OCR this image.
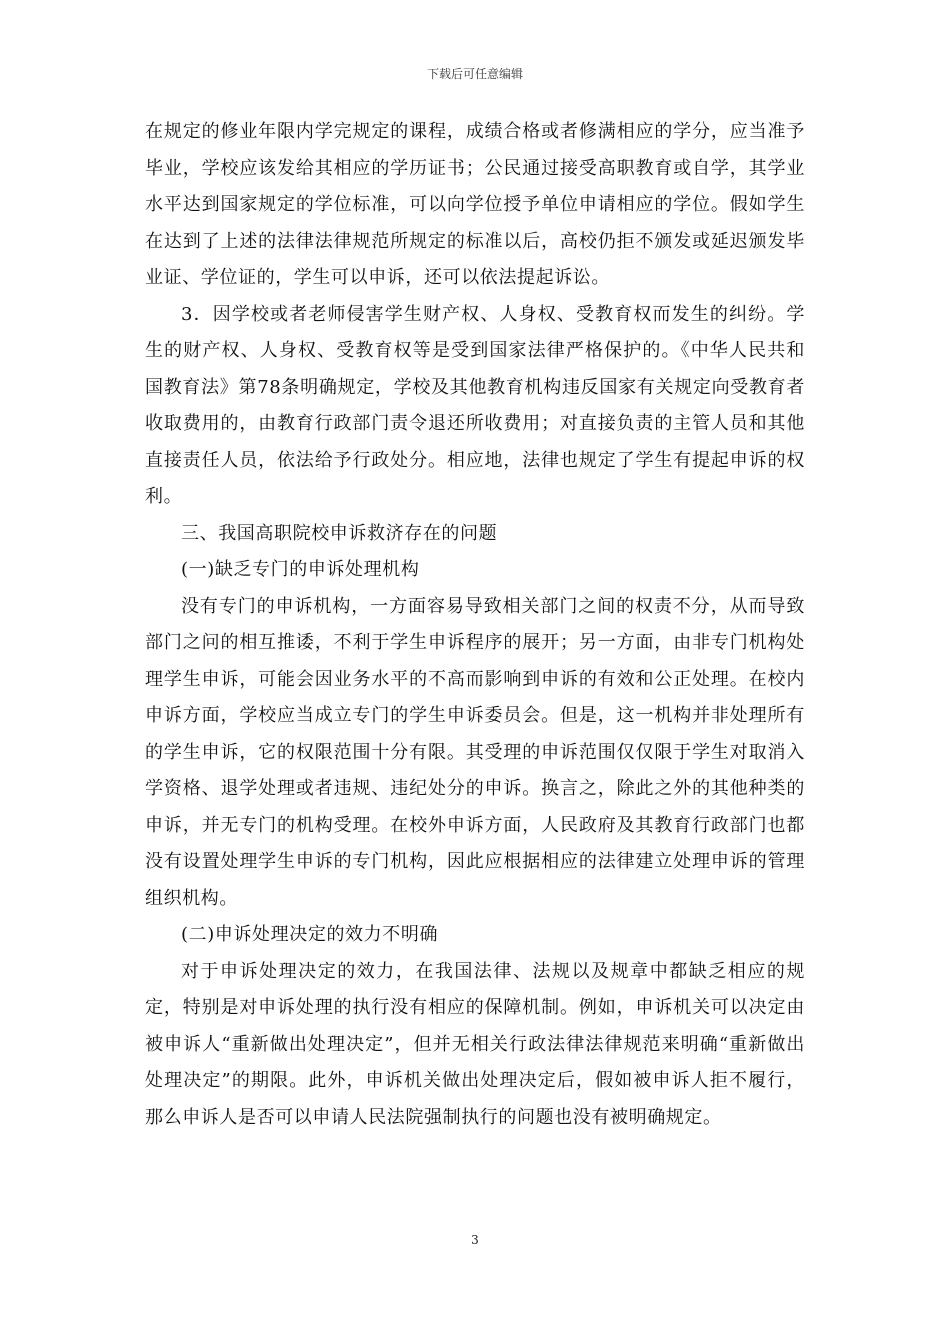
下载后可任意编辑

在规定的修业年限内学完规定的课程，成绩合格或者修满相应的学分，应当准予毕业，学校应该发给其相应的学历证书；公民通过接受高职教育或自学，其学业水平达到国家规定的学位标准，可以向学位授予单位申请相应的学位。假如学生在达到了上述的法律法律规范所规定的标准以后，高校仍拒不颁发或延迟颁发毕业证、学位证的，学生可以申诉，还可以依法提起诉讼。

3．因学校或者老师侵害学生财产权、人身权、受教育权而发生的纠纷。学生的财产权、人身权、受教育权等是受到国家法律严格保护的。《中华人民共和国教育法》第78条明确规定，学校及其他教育机构违反国家有关规定向受教育者收取费用的，由教育行政部门责令退还所收费用；对直接负责的主管人员和其他直接责任人员，依法给予行政处分。相应地，法律也规定了学生有提起申诉的权利。

三、我国高职院校申诉救济存在的问题

(一)缺乏专门的申诉处理机构

没有专门的申诉机构，一方面容易导致相关部门之间的权责不分，从而导致部门之问的相互推诿，不利于学生申诉程序的展开；另一方面，由非专门机构处理学生申诉，可能会因业务水平的不高而影响到申诉的有效和公正处理。在校内申诉方面，学校应当成立专门的学生申诉委员会。但是，这一机构并非处理所有的学生申诉，它的权限范围十分有限。其受理的申诉范围仅仅限于学生对取消入学资格、退学处理或者违规、违纪处分的申诉。换言之，除此之外的其他种类的申诉，并无专门的机构受理。在校外申诉方面，人民政府及其教育行政部门也都没有设置处理学生申诉的专门机构，因此应根据相应的法律建立处理申诉的管理组织机构。

(二)申诉处理决定的效力不明确

对于申诉处理决定的效力，在我国法律、法规以及规章中都缺乏相应的规定，特别是对申诉处理的执行没有相应的保障机制。例如，申诉机关可以决定由被申诉人“重新做出处理决定”，但并无相关行政法律法律规范来明确“重新做出处理决定”的期限。此外，申诉机关做出处理决定后，假如被申诉人拒不履行，那么申诉人是否可以申请人民法院强制执行的问题也没有被明确规定。

3
